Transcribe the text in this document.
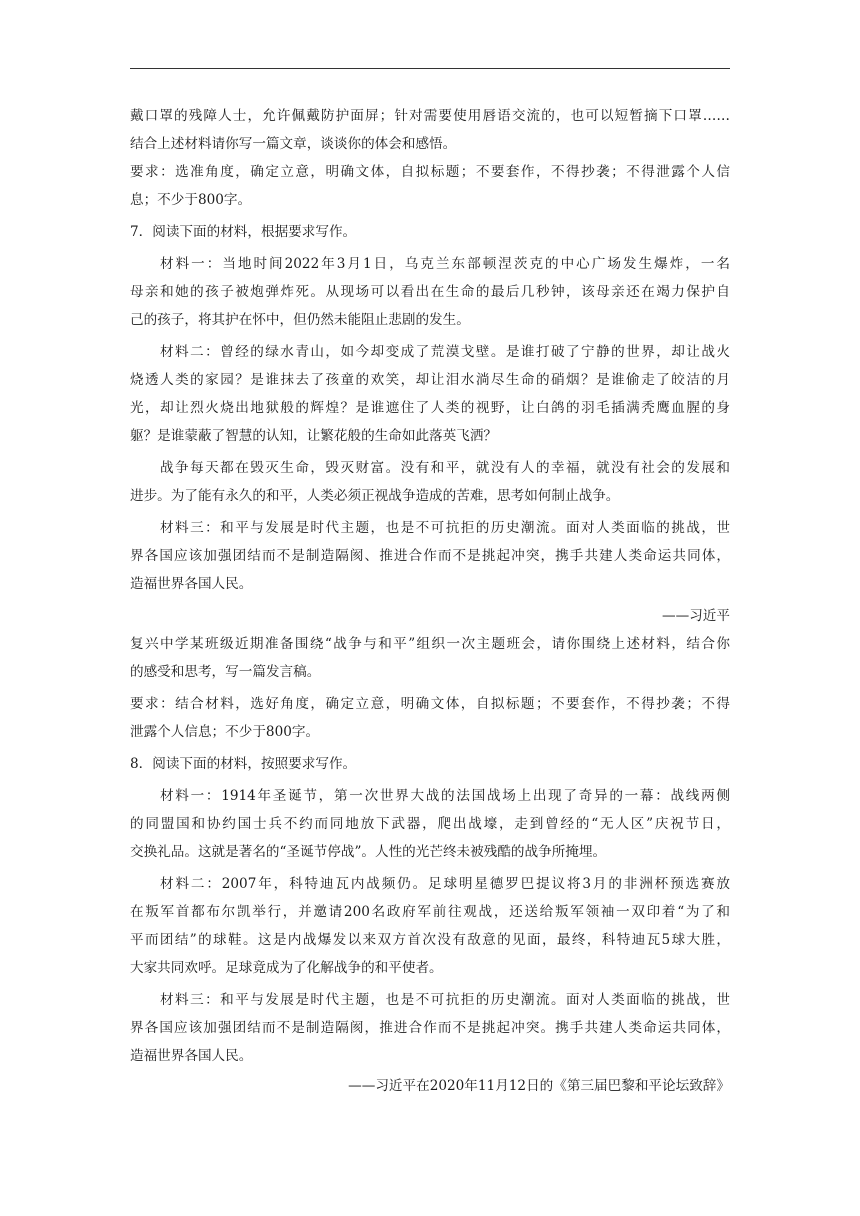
戴口罩的残障人士，允许佩戴防护面屏；针对需要使用唇语交流的，也可以短暂摘下口罩……
结合上述材料请你写一篇文章，谈谈你的体会和感悟。
要求：选准角度，确定立意，明确文体，自拟标题；不要套作，不得抄袭；不得泄露个人信
息；不少于800字。
7．阅读下面的材料，根据要求写作。
材料一：当地时间2022年3月1日，乌克兰东部顿涅茨克的中心广场发生爆炸，一名
母亲和她的孩子被炮弹炸死。从现场可以看出在生命的最后几秒钟，该母亲还在竭力保护自
己的孩子，将其护在怀中，但仍然未能阻止悲剧的发生。
材料二：曾经的绿水青山，如今却变成了荒漠戈壁。是谁打破了宁静的世界，却让战火
烧透人类的家园？是谁抹去了孩童的欢笑，却让泪水淌尽生命的硝烟？是谁偷走了皎洁的月
光，却让烈火烧出地狱般的辉煌？是谁遮住了人类的视野，让白鸽的羽毛插满秃鹰血腥的身
躯？是谁蒙蔽了智慧的认知，让繁花般的生命如此落英飞洒？
战争每天都在毁灭生命，毁灭财富。没有和平，就没有人的幸福，就没有社会的发展和
进步。为了能有永久的和平，人类必须正视战争造成的苦难，思考如何制止战争。
材料三：和平与发展是时代主题，也是不可抗拒的历史潮流。面对人类面临的挑战，世
界各国应该加强团结而不是制造隔阂、推进合作而不是挑起冲突，携手共建人类命运共同体，
造福世界各国人民。
——习近平
复兴中学某班级近期准备围绕“战争与和平”组织一次主题班会，请你围绕上述材料，结合你
的感受和思考，写一篇发言稿。
要求：结合材料，选好角度，确定立意，明确文体，自拟标题；不要套作，不得抄袭；不得
泄露个人信息；不少于800字。
8．阅读下面的材料，按照要求写作。
材料一：1914年圣诞节，第一次世界大战的法国战场上出现了奇异的一幕：战线两侧
的同盟国和协约国士兵不约而同地放下武器，爬出战壕，走到曾经的“无人区”庆祝节日，
交换礼品。这就是著名的“圣诞节停战”。人性的光芒终未被残酷的战争所掩埋。
材料二：2007年，科特迪瓦内战频仍。足球明星德罗巴提议将3月的非洲杯预选赛放
在叛军首都布尔凯举行，并邀请200名政府军前往观战，还送给叛军领袖一双印着“为了和
平而团结”的球鞋。这是内战爆发以来双方首次没有敌意的见面，最终，科特迪瓦5球大胜，
大家共同欢呼。足球竟成为了化解战争的和平使者。
材料三：和平与发展是时代主题，也是不可抗拒的历史潮流。面对人类面临的挑战，世
界各国应该加强团结而不是制造隔阂，推进合作而不是挑起冲突。携手共建人类命运共同体，
造福世界各国人民。
——习近平在2020年11月12日的《第三届巴黎和平论坛致辞》
